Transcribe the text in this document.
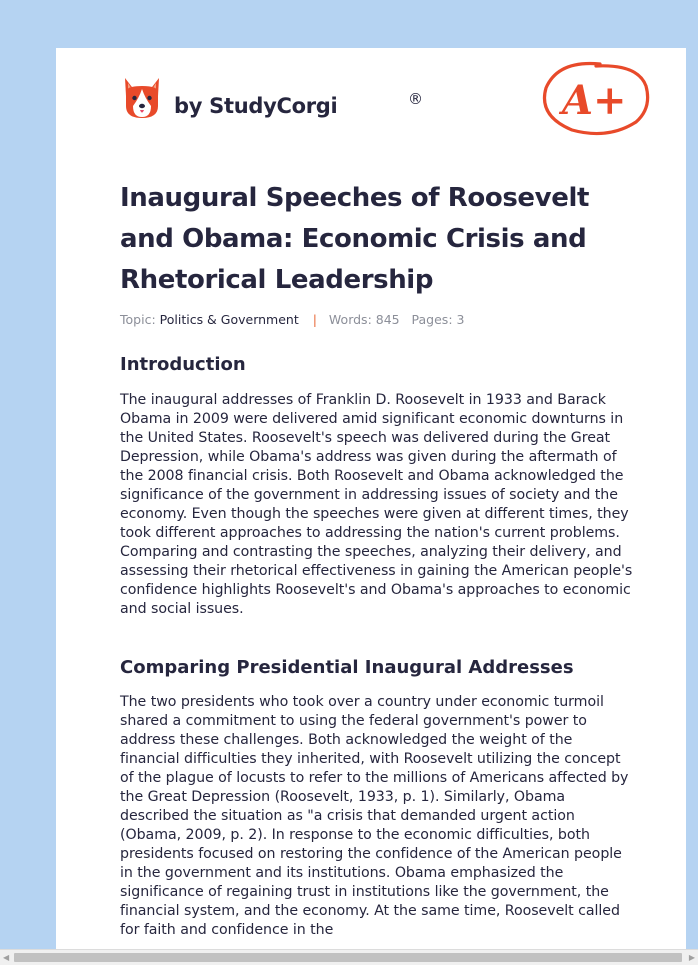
by StudyCorgi	®	A+
Inaugural Speeches of Roosevelt and Obama: Economic Crisis and Rhetorical Leadership
Topic: Politics & Government | Words: 845 Pages: 3
Introduction

The inaugural addresses of Franklin D. Roosevelt in 1933 and Barack Obama in 2009 were delivered amid significant economic downturns in the United States. Roosevelt's speech was delivered during the Great Depression, while Obama's address was given during the aftermath of the 2008 financial crisis. Both Roosevelt and Obama acknowledged the significance of the government in addressing issues of society and the economy. Even though the speeches were given at different times, they took different approaches to addressing the nation's current problems. Comparing and contrasting the speeches, analyzing their delivery, and assessing their rhetorical effectiveness in gaining the American people's confidence highlights Roosevelt's and Obama's approaches to economic and social issues.

Comparing Presidential Inaugural Addresses

The two presidents who took over a country under economic turmoil shared a commitment to using the federal government's power to address these challenges. Both acknowledged the weight of the financial difficulties they inherited, with Roosevelt utilizing the concept of the plague of locusts to refer to the millions of Americans affected by the Great Depression (Roosevelt, 1933, p. 1). Similarly, Obama described the situation as "a crisis that demanded urgent action (Obama, 2009, p. 2). In response to the economic difficulties, both presidents focused on restoring the confidence of the American people in the government and its institutions. Obama emphasized the significance of regaining trust in institutions like the government, the financial system, and the economy. At the same time, Roosevelt called for faith and confidence in the

◀	▶
